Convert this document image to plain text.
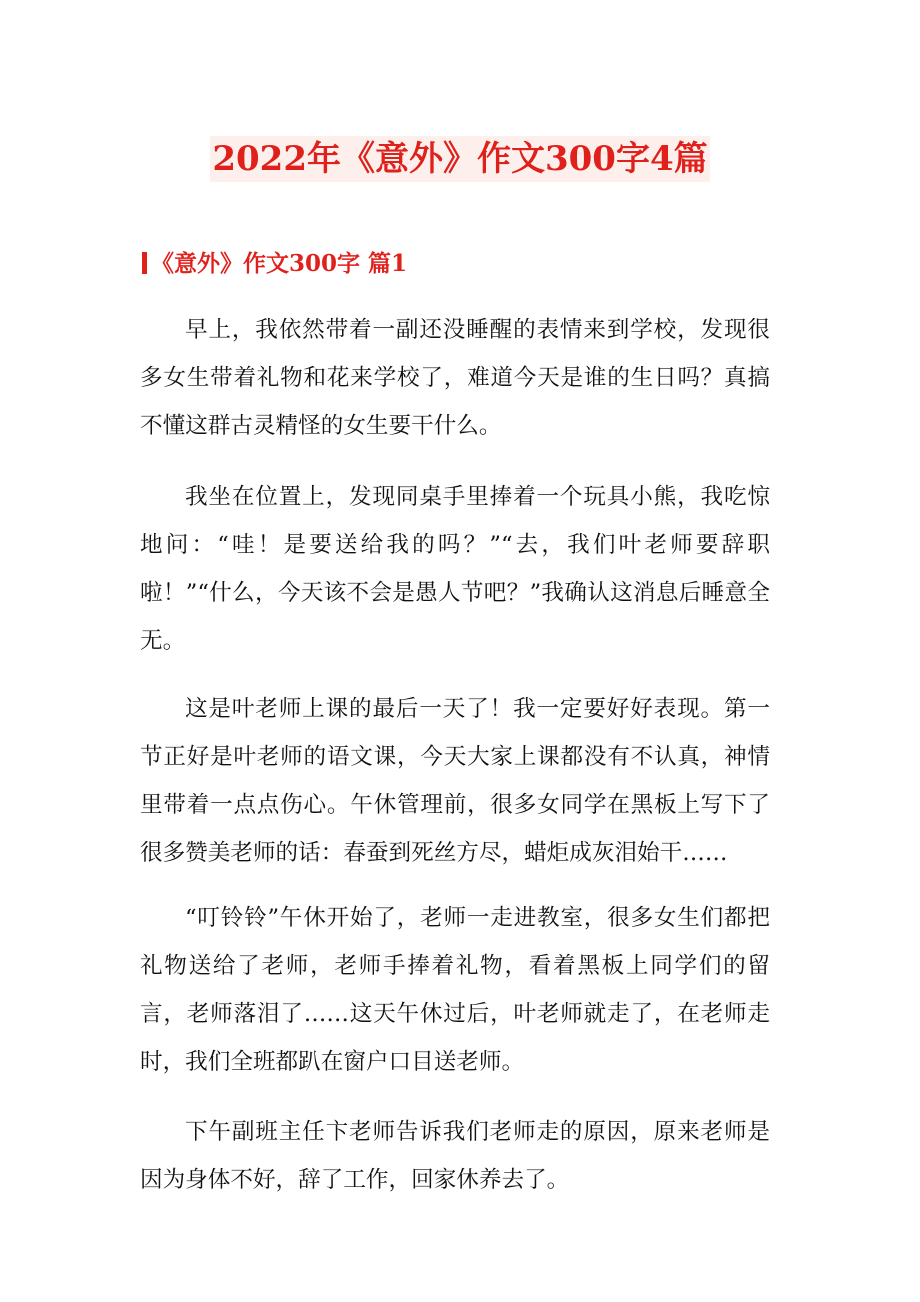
2022年《意外》作文300字4篇
《意外》作文300字 篇1

早上，我依然带着一副还没睡醒的表情来到学校，发现很多女生带着礼物和花来学校了，难道今天是谁的生日吗？真搞不懂这群古灵精怪的女生要干什么。

我坐在位置上，发现同桌手里捧着一个玩具小熊，我吃惊地问：“哇！是要送给我的吗？”“去，我们叶老师要辞职啦！”“什么，今天该不会是愚人节吧？”我确认这消息后睡意全无。

这是叶老师上课的最后一天了！我一定要好好表现。第一节正好是叶老师的语文课，今天大家上课都没有不认真，神情里带着一点点伤心。午休管理前，很多女同学在黑板上写下了很多赞美老师的话：春蚕到死丝方尽，蜡炬成灰泪始干……

“叮铃铃”午休开始了，老师一走进教室，很多女生们都把礼物送给了老师，老师手捧着礼物，看着黑板上同学们的留言，老师落泪了……这天午休过后，叶老师就走了，在老师走时，我们全班都趴在窗户口目送老师。

下午副班主任卞老师告诉我们老师走的原因，原来老师是因为身体不好，辞了工作，回家休养去了。
